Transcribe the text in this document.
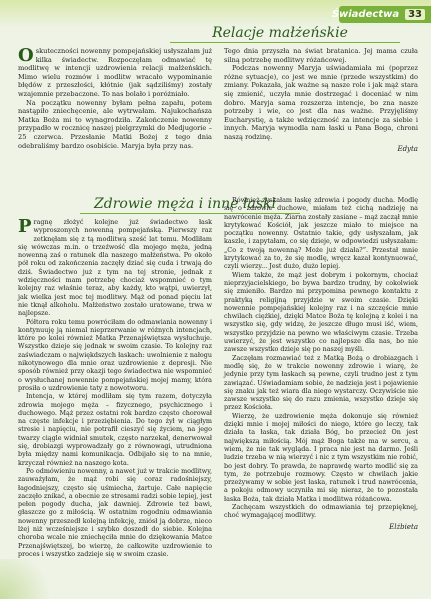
Świadectwa 33
Relacje małżeńskie

Oskuteczności nowenny pompejańskiej usłyszałam już kilka świadectw. Rozpoczęłam odmawiać tę modlitwę w intencji uzdrowienia relacji małżeńskich. Mimo wielu rozmów i modlitw wracało wypominanie błędów z przeszłości, kłótnie (jak sądziliśmy) zostały wzajemnie przebaczone. To nas bolało i poróżniało.

Na początku nowenny byłam pełna zapału, potem nastąpiło zniechęcenie, ale wytrwałam. Najukochańsza Matka Boża mi to wynagrodziła. Zakończenie nowenny przypadło w rocznicę naszej pielgrzymki do Medjugorie – 25 czerwca. Przesłanie Matki Bożej z tego dnia odebraliśmy bardzo osobiście. Maryja była przy nas.

Tego dnia przyszła na świat bratanica. Jej mama czuła silną potrzebę modlitwy różańcowej.

Podczas nowenny Maryja uświadamiała mi (poprzez różne sytuacje), co jest we mnie (przede wszystkim) do zmiany. Pokazała, jak ważne są nasze role i jak mąż stara się zmienić, uczyła mnie dostrzegać i doceniać w nim dobro. Maryja sama rozszerza intencje, bo zna nasze potrzeby i wie, co jest dla nas ważne. Przyjęliśmy Eucharystię, a także wdzięczność za intencje za siebie i innych. Maryja wymodla nam łaski u Pana Boga, chroni naszą rodzinę.

Edyta
Zdrowie męża i inne łaski

Pragnę złożyć kolejne już świadectwo łask wyproszonych nowenną pompejańską. Pierwszy raz zetknęłam się z tą modlitwą sześć lat temu. Modliłam się wówczas m.in. o trzeźwość dla mojego męża, jedną nowenną zaś o ratunek dla naszego małżeństwa. Po około pół roku od zakończenia zaczęły dziać się cuda i trwają do dziś. Świadectwo już z tym na tej stronie, jednak z wdzięczności mam potrzebę chociaż wspomnieć o tym kolejny raz właśnie teraz, aby każdy, kto wątpi, uwierzył, jak wielka jest moc tej modlitwy. Mąż od ponad pięciu lat nie tknął alkoholu. Małżeństwo zostało uratowane, trwa w najlepsze.

Półtora roku temu powróciłam do odmawiania nowenny i kontynuuję ją niemal nieprzerwanie w różnych intencjach, które po kolei również Matka Przenajświętsza wysłuchuje. Wszystko dzieje się jednak w swoim czasie. To kolejny raz zaświadczam o najwiękdszych łaskach: uwolnienie z nałogu nikotynowego dla mnie oraz uzdrowienie z depresji. Nie sposób również przy okazji tego świadectwa nie wspomnieć o wysłuchanej nowennie pompejańskiej mojej mamy, która prosiła o uzdrowienie taty z nowotworu.

Intencja, w której modliłam się tym razem, dotyczyła zdrowia mojego męża – fizycznego, psychicznego i duchowego. Mąż przez ostatni rok bardzo często chorował na częste infekcje i przeziębienia. Do tego żył w ciągłym stresie i napięciu, nie potrafił cieszyć się życiem, na jego twarzy ciągle widniał smutek, często narzekał, denerwował się, drobiazgi wyprowadzały go z równowagi, utrudniona była między nami komunikacja. Odbijało się to na mnie, krzyczał również na naszego kota.

Po odmówieniu nowenny, a nawet już w trakcie modlitwy, zauważyłam, że mąż robi się coraz radośniejszy, łagodniejszy, często się uśmiecha, żartuje. Całe napięcie zaczęło znikać, a obecnie ze stresami radzi sobie lepiej, jest pełen pogody ducha, jak dawniej. Zdrowie też bawi, głaszcze go z miłością. W ostatnim rogodniu odmawiania nowenny przeszedł kolejną infekcję, zniósł ją dobrze, nieco lżej niż wcześniejsze i szybko doszedł do siebie. Kolejna choroba wcale nie zniechęciła mnie do dziękowania Matce Przenajświętszej, bo wierzę, że całkowite uzdrowienie to proces i wszystko zadzieje się w swoim czasie.

Również zyskałam łaskę zdrowia i pogody ducha. Modlę się o zdrowie duchowe, miałam też cichą nadzieję na nawrócenie męża. Ziarna zostały zasiane – mąż zaczął mnie krytykować Kościół, jak jeszcze miało to miejsce na początku nowenny. Ostatnio takie, gdy usłyszałam, jak kaszle, i zapytałam, co się dzieje, w odpowiedzi usłyszałam: „Co z twoją nowenną? Może już działa?”. Przestał mnie krytykować za to, że się modlę, wręcz kazał kontynuować, czyli wierzy... Jest dużo, dużo lepiej.

Wiem także, że mąż jest dobrym i pokornym, chociaż nieprzyjacielskiego, bo bywa bardzo trudny, by cokolwiek się zmieniło. Bardzo mi przypomina pewnego kontaktu z praktyką religijną przyjdzie w swoim czasie. Dzięki nowennie pompejańskiej kolejny raz i na szczęście mnie chwilach ciężkiej, dzięki Matce Boża tę kolejną z kolei i na wszystko się, gdy widzę, że jeszcze długo musi iść, wiem, wszystko przyjdzie na pewno we właściwym czasie. Trzeba uwierzyć, że jest wszystko co najlepsze dla nas, bo nie zawsze wszystko dzieje się po naszej myśli.

Zaczęłam rozmawiać też z Matką Bożą o drobiazgach i modlę się, że w trakcie nowenny zdrowie i wiarę, że jedynie przy tym łaskach są pewne, czyli trudno jest z tym zawiązać. Uświadamiam sobie, że nadzieja jest i pojawienie się znaku jak też wiara dla niego wystarczy. Oczywiście nie zawsze wszystko się do razu zmienia, wszystko dzieje się przez Kościoła.

Wierzę, że uzdrowienie męża dokonuje się również dzięki mnie i mojej miłości do niego, które go leczy, tak działa ta łaska, tak działa Bóg, bo przecież On jest największą miłością. Mój mąż Boga także ma w sercu, a wiem, że nie tak wygląda. I praca nie jest na darmo. Jeśli ludzie trzeba w nią wierzyć i nic z tym wszystkim nie robić, bo jest dobry. To prawda, że naprawdę warto modlić się za tym, że potrzebuje rozmowy. Często w chwilach jakie przeżywamy w sobie jest łaska, ratunek i trud nawrócenia, a pokoju odmowy uczyniła mi się nieraz, że to pozostała łaska Boża, tak działa Matka i modlitwa różańcowa.

Zachęcam wszystkich do odmawiania tej przepięknej, choć wymagającej modlitwy.

Elżbieta
